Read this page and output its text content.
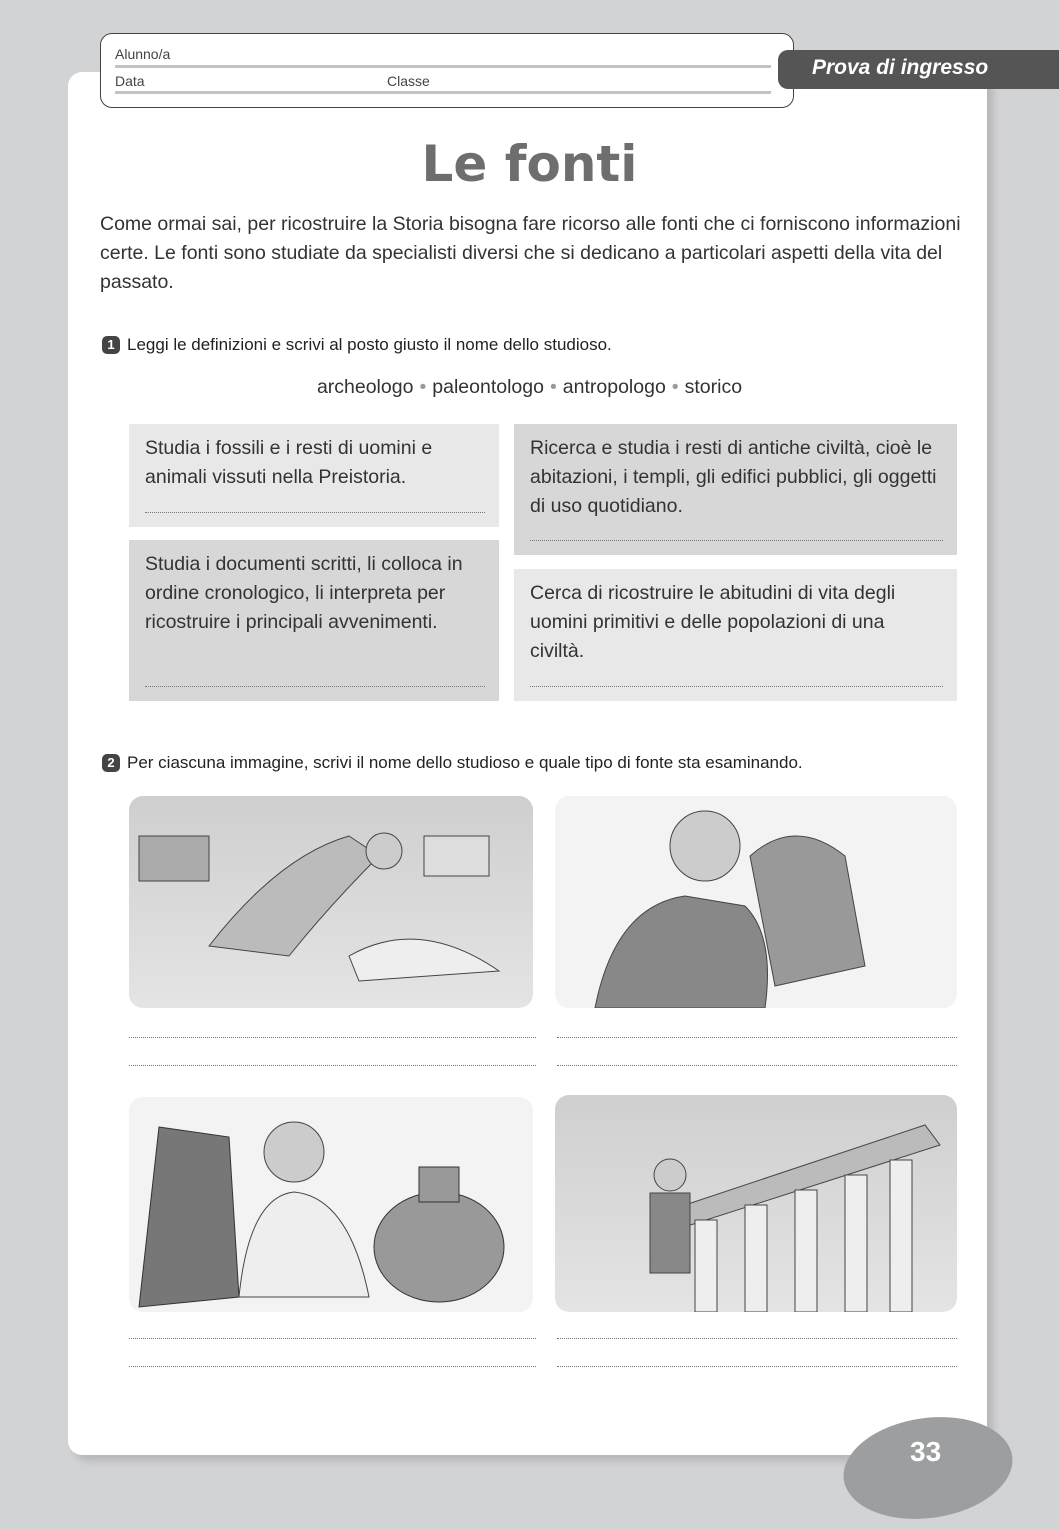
Alunno/a
Data	Classe
Prova di ingresso
Le fonti
Come ormai sai, per ricostruire la Storia bisogna fare ricorso alle fonti che ci forniscono informazioni certe. Le fonti sono studiate da specialisti diversi che si dedicano a particolari aspetti della vita del passato.
1 Leggi le definizioni e scrivi al posto giusto il nome dello studioso.
archeologo • paleontologo • antropologo • storico
Studia i fossili e i resti di uomini e animali vissuti nella Preistoria.
Ricerca e studia i resti di antiche civiltà, cioè le abitazioni, i templi, gli edifici pubblici, gli oggetti di uso quotidiano.
Studia i documenti scritti, li colloca in ordine cronologico, li interpreta per ricostruire i principali avvenimenti.
Cerca di ricostruire le abitudini di vita degli uomini primitivi e delle popolazioni di una civiltà.
2 Per ciascuna immagine, scrivi il nome dello studioso e quale tipo di fonte sta esaminando.
33
